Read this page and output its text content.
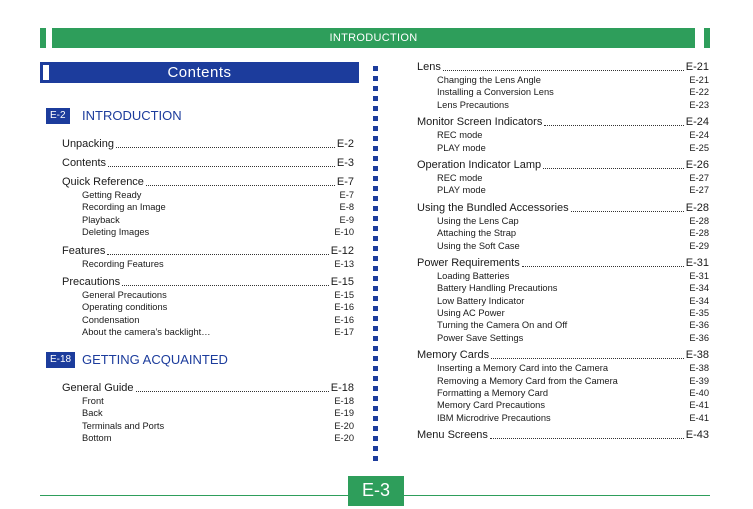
INTRODUCTION
Contents
E-2	INTRODUCTION
E-18 GETTING ACQUAINTED
Unpacking	E-2
Contents	E-3
Quick Reference	E-7
Getting Ready	E-7
Recording an Image	E-8
Playback	E-9
Deleting Images	E-10
Features	E-12
Recording Features	E-13
Precautions	E-15
General Precautions	E-15
Operating conditions	E-16
Condensation	E-16
About the camera’s backlight…	E-17
General Guide	E-18
Front	E-18
Back	E-19
Terminals and Ports	E-20
Bottom	E-20
Lens	E-21
Changing the Lens Angle	E-21
Installing a Conversion Lens	E-22
Lens Precautions	E-23
Monitor Screen Indicators	E-24
REC mode	E-24
PLAY mode	E-25
Operation Indicator Lamp	E-26
REC mode	E-27
PLAY mode	E-27
Using the Bundled Accessories	E-28
Using the Lens Cap	E-28
Attaching the Strap	E-28
Using the Soft Case	E-29
Power Requirements	E-31
Loading Batteries	E-31
Battery Handling Precautions	E-34
Low Battery Indicator	E-34
Using AC Power	E-35
Turning the Camera On and Off	E-36
Power Save Settings	E-36
Memory Cards	E-38
Inserting a Memory Card into the Camera	E-38
Removing a Memory Card from the Camera	E-39
Formatting a Memory Card	E-40
Memory Card Precautions	E-41
IBM Microdrive Precautions	E-41
Menu Screens	E-43
E-3
